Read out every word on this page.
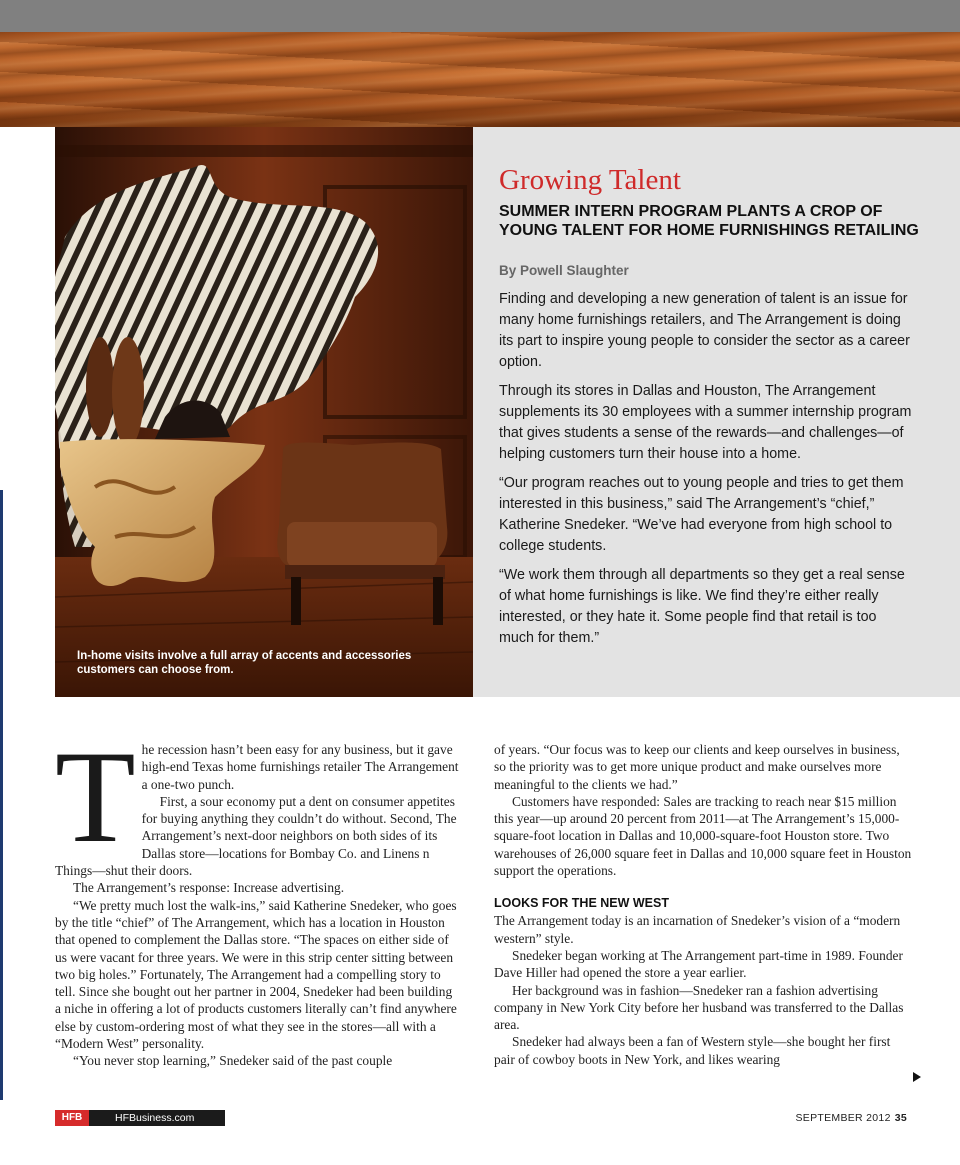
In-home visits involve a full array of accents and accessories customers can choose from.
Growing Talent
SUMMER INTERN PROGRAM PLANTS A CROP OF YOUNG TALENT FOR HOME FURNISHINGS RETAILING
By Powell Slaughter

Finding and developing a new generation of talent is an issue for many home furnishings retailers, and The Arrangement is doing its part to inspire young people to consider the sector as a career option.

Through its stores in Dallas and Houston, The Arrangement supplements its 30 employees with a summer internship program that gives students a sense of the rewards—and challenges—of helping customers turn their house into a home.

“Our program reaches out to young people and tries to get them interested in this business,” said The Arrangement’s “chief,” Katherine Snedeker. “We’ve had everyone from high school to college students.

“We work them through all departments so they get a real sense of what home furnishings is like. We find they’re either really interested, or they hate it. Some people find that retail is too much for them.”

T he recession hasn’t been easy for any business, but it gave high-end Texas home furnishings retailer The Arrangement a one-two punch.

First, a sour economy put a dent on consumer appetites for buying anything they couldn’t do without. Second, The Arrangement’s next-door neighbors on both sides of its Dallas store—locations for Bombay Co. and Linens n Things—shut their doors.

The Arrangement’s response: Increase advertising.

“We pretty much lost the walk-ins,” said Katherine Snedeker, who goes by the title “chief” of The Arrangement, which has a location in Houston that opened to complement the Dallas store. “The spaces on either side of us were vacant for three years. We were in this strip center sitting between two big holes.” Fortunately, The Arrangement had a compelling story to tell. Since she bought out her partner in 2004, Snedeker had been building a niche in offering a lot of products customers literally can’t find anywhere else by custom-ordering most of what they see in the stores—all with a “Modern West” personality.

“You never stop learning,” Snedeker said of the past couple

of years. “Our focus was to keep our clients and keep ourselves in business, so the priority was to get more unique product and make ourselves more meaningful to the clients we had.”

Customers have responded: Sales are tracking to reach near $15 million this year—up around 20 percent from 2011—at The Arrangement’s 15,000-square-foot location in Dallas and 10,000-square-foot Houston store. Two warehouses of 26,000 square feet in Dallas and 10,000 square feet in Houston support the operations.

LOOKS FOR THE NEW WEST

The Arrangement today is an incarnation of Snedeker’s vision of a “modern western” style.

Snedeker began working at The Arrangement part-time in 1989. Founder Dave Hiller had opened the store a year earlier.

Her background was in fashion—Snedeker ran a fashion advertising company in New York City before her husband was transferred to the Dallas area.

Snedeker had always been a fan of Western style—she bought her first pair of cowboy boots in New York, and likes wearing

HFB	HFBusiness.com	SEPTEMBER 2012 35
